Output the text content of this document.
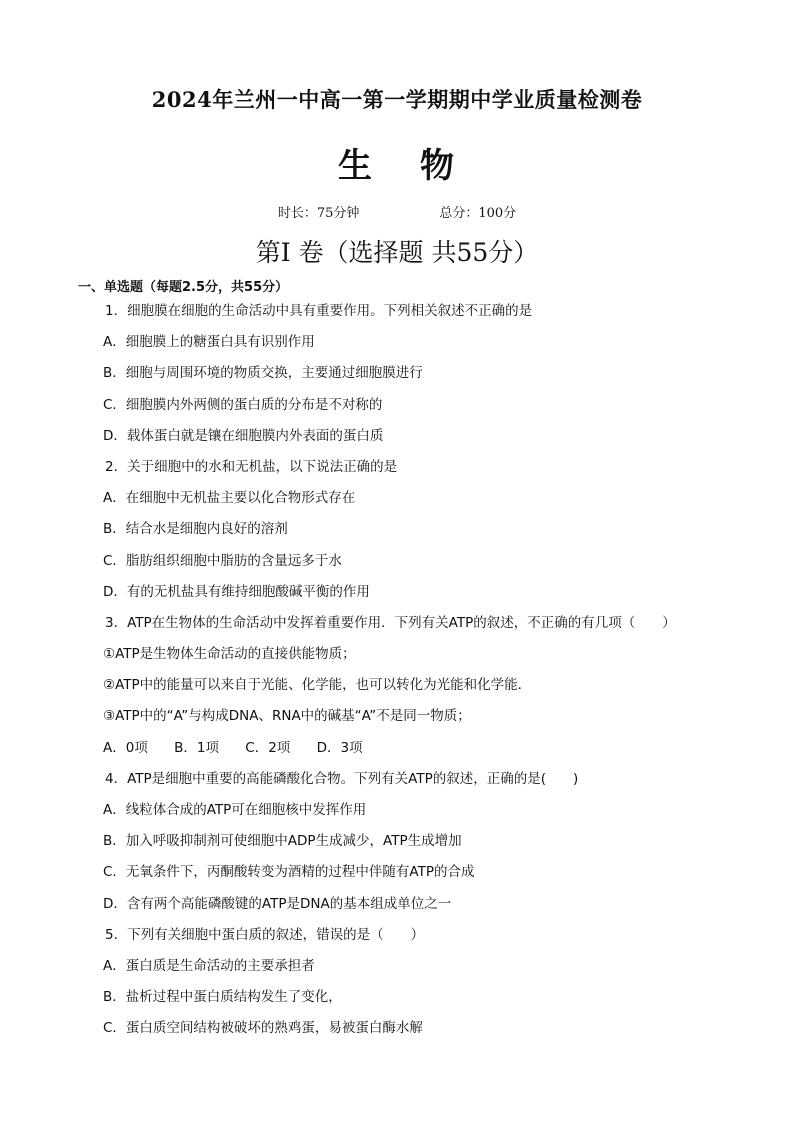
2024年兰州一中高一第一学期期中学业质量检测卷
生 物
时长：75分钟	总分：100分
第I 卷（选择题 共55分）
一、单选题（每题2.5分，共55分）
1．细胞膜在细胞的生命活动中具有重要作用。下列相关叙述不正确的是
A．细胞膜上的糖蛋白具有识别作用
B．细胞与周围环境的物质交换，主要通过细胞膜进行
C．细胞膜内外两侧的蛋白质的分布是不对称的
D．载体蛋白就是镶在细胞膜内外表面的蛋白质
2．关于细胞中的水和无机盐，以下说法正确的是
A．在细胞中无机盐主要以化合物形式存在
B．结合水是细胞内良好的溶剂
C．脂肪组织细胞中脂肪的含量远多于水
D．有的无机盐具有维持细胞酸碱平衡的作用
3．ATP在生物体的生命活动中发挥着重要作用．下列有关ATP的叙述，不正确的有几项（　　）
①ATP是生物体生命活动的直接供能物质；
②ATP中的能量可以来自于光能、化学能，也可以转化为光能和化学能．
③ATP中的“A”与构成DNA、RNA中的碱基“A”不是同一物质；
A．0项 B．1项 C．2项 D．3项
4．ATP是细胞中重要的高能磷酸化合物。下列有关ATP的叙述，正确的是(　　)
A．线粒体合成的ATP可在细胞核中发挥作用
B．加入呼吸抑制剂可使细胞中ADP生成减少，ATP生成增加
C．无氧条件下，丙酮酸转变为酒精的过程中伴随有ATP的合成
D．含有两个高能磷酸键的ATP是DNA的基本组成单位之一
5．下列有关细胞中蛋白质的叙述，错误的是（　　）
A．蛋白质是生命活动的主要承担者
B．盐析过程中蛋白质结构发生了变化，
C．蛋白质空间结构被破坏的熟鸡蛋，易被蛋白酶水解
